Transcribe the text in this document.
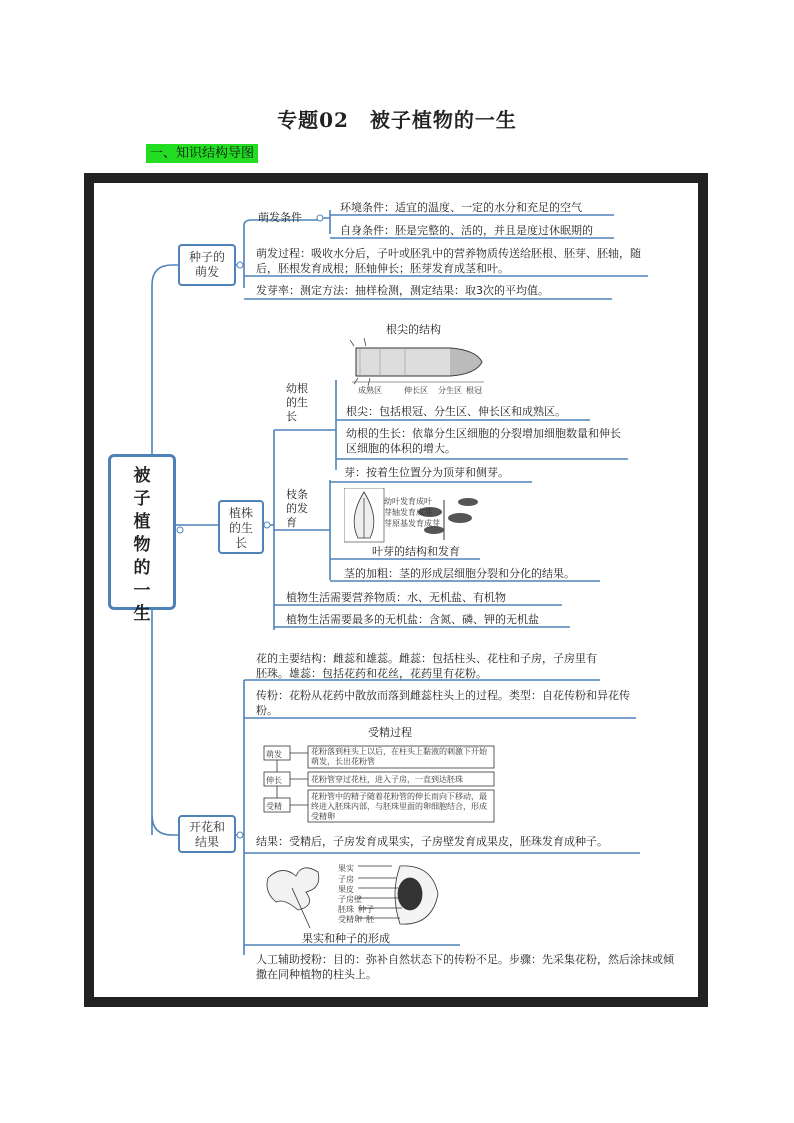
专题02　被子植物的一生
一、知识结构导图
被子植物的一生
种子的萌发
萌发条件
环境条件：适宜的温度、一定的水分和充足的空气
自身条件：胚是完整的、活的，并且是度过休眠期的
萌发过程：吸收水分后，子叶或胚乳中的营养物质传送给胚根、胚芽、胚轴，随后，胚根发育成根；胚轴伸长；胚芽发育成茎和叶。
发芽率：测定方法：抽样检测，测定结果：取3次的平均值。
植株的生长
幼根的生长
根尖的结构
成熟区	伸长区 分生区 根冠
根尖：包括根冠、分生区、伸长区和成熟区。
幼根的生长：依靠分生区细胞的分裂增加细胞数量和伸长区细胞的体积的增大。
枝条的发育
芽：按着生位置分为顶芽和侧芽。
幼叶发育成叶
芽轴发育成茎
芽原基发育成芽
叶芽的结构和发育
茎的加粗：茎的形成层细胞分裂和分化的结果。
植物生活需要营养物质：水、无机盐、有机物
植物生活需要最多的无机盐：含氮、磷、钾的无机盐
开花和结果
花的主要结构：雌蕊和雄蕊。雌蕊：包括柱头、花柱和子房，子房里有胚珠。雄蕊：包括花药和花丝，花药里有花粉。
传粉：花粉从花药中散放而落到雌蕊柱头上的过程。类型：自花传粉和异花传粉。
受精过程
萌发
伸长
受精
花粉落到柱头上以后，在柱头上黏液的刺激下开始萌发，长出花粉管
花粉管穿过花柱，进入子房，一直到达胚珠
花粉管中的精子随着花粉管的伸长而向下移动，最终进入胚珠内部，与胚珠里面的卵细胞结合，形成受精卵
结果：受精后，子房发育成果实，子房壁发育成果皮，胚珠发育成种子。
果实
子房
果皮
子房壁
胚珠 种子
受精卵 胚
果实和种子的形成
人工辅助授粉：目的：弥补自然状态下的传粉不足。步骤：先采集花粉，然后涂抹或倾撒在同种植物的柱头上。
